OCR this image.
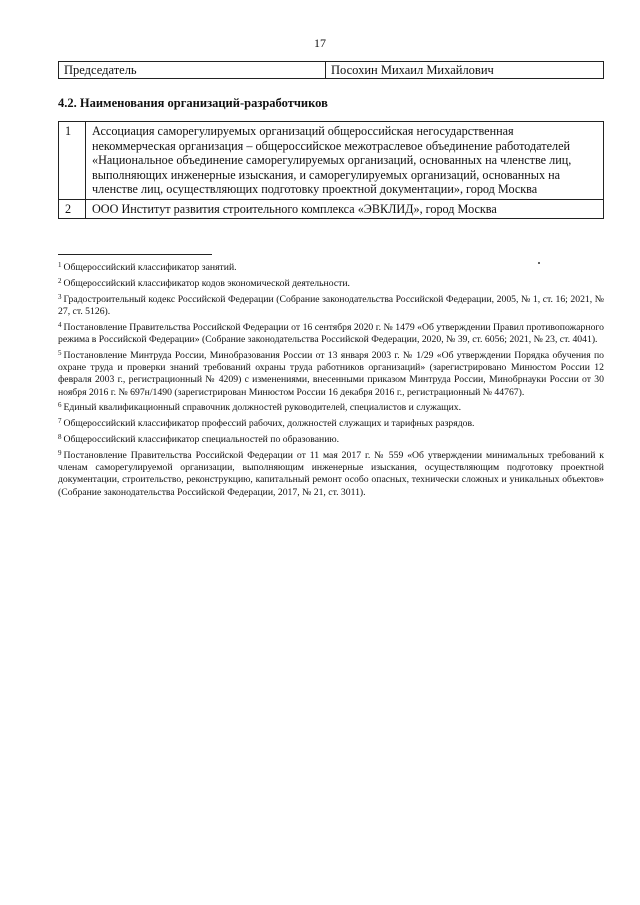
17
Председатель	Посохин Михаил Михайлович
4.2. Наименования организаций-разработчиков
1	Ассоциация саморегулируемых организаций общероссийская негосударственная некоммерческая организация – общероссийское межотраслевое объединение работодателей «Национальное объединение саморегулируемых организаций, основанных на членстве лиц, выполняющих инженерные изыскания, и саморегулируемых организаций, основанных на членстве лиц, осуществляющих подготовку проектной документации», город Москва
2	ООО Институт развития строительного комплекса «ЭВКЛИД», город Москва

$^1$ Общероссийский классификатор занятий.

$^2$ Общероссийский классификатор кодов экономической деятельности.

$^3$ Градостроительный кодекс Российской Федерации (Собрание законодательства Российской Федерации, 2005, № 1, ст. 16; 2021, № 27, ст. 5126).

$^4$ Постановление Правительства Российской Федерации от 16 сентября 2020 г. № 1479 «Об утверждении Правил противопожарного режима в Российской Федерации» (Собрание законодательства Российской Федерации, 2020, № 39, ст. 6056; 2021, № 23, ст. 4041).

$^5$ Постановление Минтруда России, Минобразования России от 13 января 2003 г. № 1/29 «Об утверждении Порядка обучения по охране труда и проверки знаний требований охраны труда работников организаций» (зарегистрировано Минюстом России 12 февраля 2003 г., регистрационный № 4209) с изменениями, внесенными приказом Минтруда России, Минобрнауки России от 30 ноября 2016 г. № 697н/1490 (зарегистрирован Минюстом России 16 декабря 2016 г., регистрационный № 44767).

$^6$ Единый квалификационный справочник должностей руководителей, специалистов и служащих.

$^7$ Общероссийский классификатор профессий рабочих, должностей служащих и тарифных разрядов.

$^8$ Общероссийский классификатор специальностей по образованию.

$^9$ Постановление Правительства Российской Федерации от 11 мая 2017 г. № 559 «Об утверждении минимальных требований к членам саморегулируемой организации, выполняющим инженерные изыскания, осуществляющим подготовку проектной документации, строительство, реконструкцию, капитальный ремонт особо опасных, технически сложных и уникальных объектов» (Собрание законодательства Российской Федерации, 2017, № 21, ст. 3011).
